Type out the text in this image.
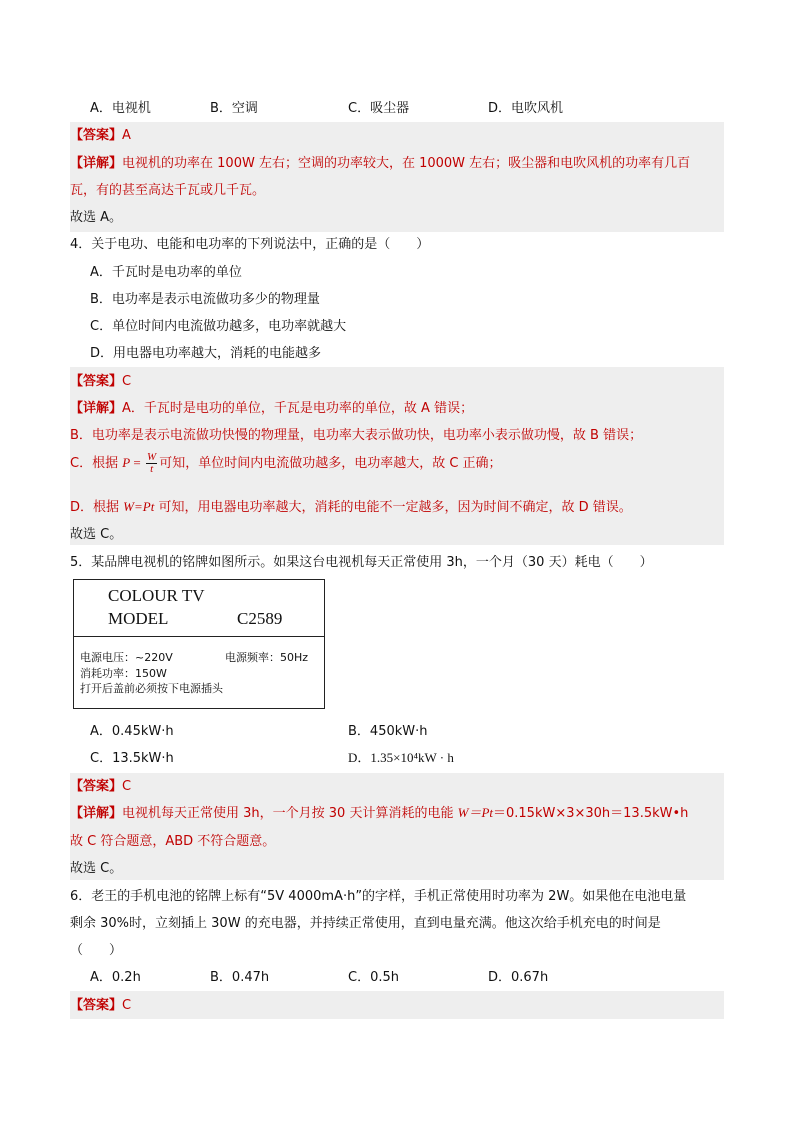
A．电视机	B．空调	C．吸尘器	D．电吹风机
【答案】A
【详解】电视机的功率在 100W 左右；空调的功率较大，在 1000W 左右；吸尘器和电吹风机的功率有几百
瓦，有的甚至高达千瓦或几千瓦。
故选 A。
4．关于电功、电能和电功率的下列说法中，正确的是（　　）
A．千瓦时是电功率的单位
B．电功率是表示电流做功多少的物理量
C．单位时间内电流做功越多，电功率就越大
D．用电器电功率越大，消耗的电能越多
【答案】C
【详解】A．千瓦时是电功的单位，千瓦是电功率的单位，故 A 错误；
B．电功率是表示电流做功快慢的物理量，电功率大表示做功快，电功率小表示做功慢，故 B 错误；
C．根据 $P = \frac{W}{t}$ 可知，单位时间内电流做功越多，电功率越大，故 C 正确；
D．根据 W=Pt 可知，用电器电功率越大，消耗的电能不一定越多，因为时间不确定，故 D 错误。
故选 C。
5．某品牌电视机的铭牌如图所示。如果这台电视机每天正常使用 3h，一个月（30 天）耗电（　　）
COLOUR TV
MODEL	C2589
电源电压：~220V	电源频率：50Hz
消耗功率：150W
打开后盖前必须按下电源插头
A．0.45kW·h	B．450kW·h
C．13.5kW·h	D．1.35×10⁴kW · h
【答案】C
【详解】电视机每天正常使用 3h，一个月按 30 天计算消耗的电能 W＝Pt＝0.15kW×3×30h＝13.5kW•h
故 C 符合题意，ABD 不符合题意。
故选 C。
6．老王的手机电池的铭牌上标有“5V 4000mA·h”的字样，手机正常使用时功率为 2W。如果他在电池电量
剩余 30%时，立刻插上 30W 的充电器，并持续正常使用，直到电量充满。他这次给手机充电的时间是
（　　）
A．0.2h	B．0.47h	C．0.5h	D．0.67h
【答案】C
